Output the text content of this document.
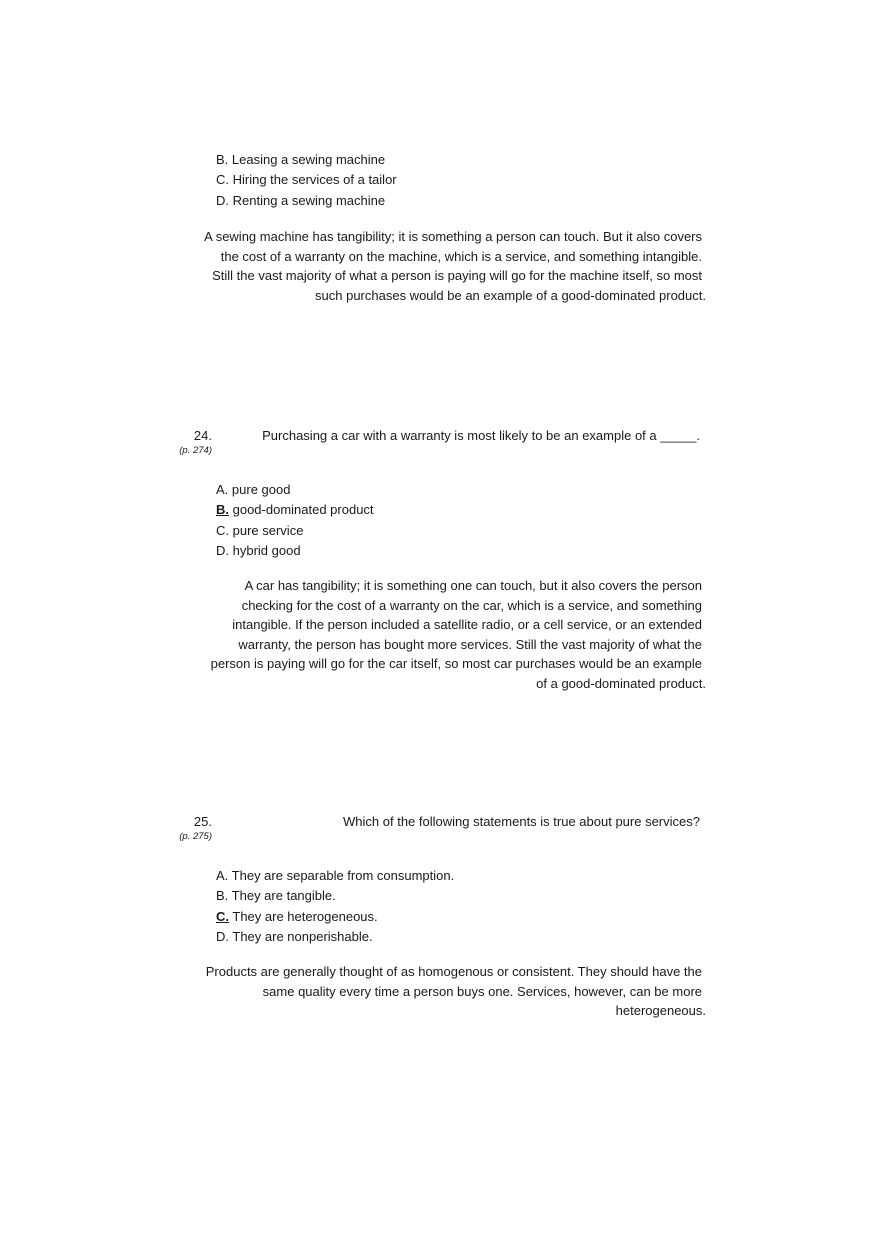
B. Leasing a sewing machine
C. Hiring the services of a tailor
D. Renting a sewing machine
A sewing machine has tangibility; it is something a person can touch. But it also covers
the cost of a warranty on the machine, which is a service, and something intangible.
Still the vast majority of what a person is paying will go for the machine itself, so most
such purchases would be an example of a good-dominated product.
24.
(p. 274)
Purchasing a car with a warranty is most likely to be an example of a _____.
A. pure good
B. good-dominated product
C. pure service
D. hybrid good
A car has tangibility; it is something one can touch, but it also covers the person
checking for the cost of a warranty on the car, which is a service, and something
intangible. If the person included a satellite radio, or a cell service, or an extended
warranty, the person has bought more services. Still the vast majority of what the
person is paying will go for the car itself, so most car purchases would be an example
of a good-dominated product.
25.
(p. 275)
Which of the following statements is true about pure services?
A. They are separable from consumption.
B. They are tangible.
C. They are heterogeneous.
D. They are nonperishable.
Products are generally thought of as homogenous or consistent. They should have the
same quality every time a person buys one. Services, however, can be more
heterogeneous.
